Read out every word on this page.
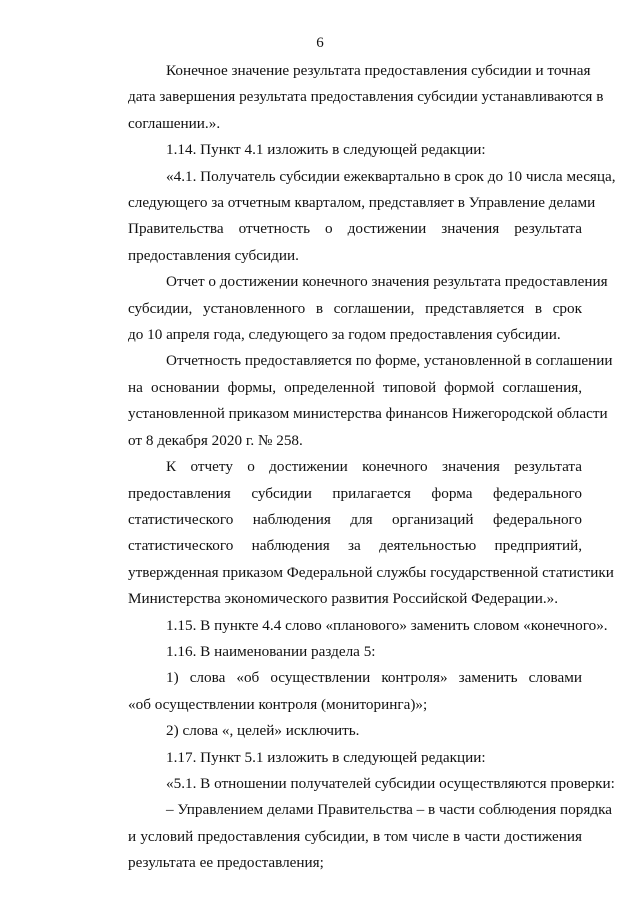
6
Конечное значение результата предоставления субсидии и точная
дата завершения результата предоставления субсидии устанавливаются в
соглашении.».
1.14. Пункт 4.1 изложить в следующей редакции:
«4.1. Получатель субсидии ежеквартально в срок до 10 числа месяца,
следующего за отчетным кварталом, представляет в Управление делами
Правительства отчетность о достижении значения результата
предоставления субсидии.
Отчет о достижении конечного значения результата предоставления
субсидии, установленного в соглашении, представляется в срок
до 10 апреля года, следующего за годом предоставления субсидии.
Отчетность предоставляется по форме, установленной в соглашении
на основании формы, определенной типовой формой соглашения,
установленной приказом министерства финансов Нижегородской области
от 8 декабря 2020 г. № 258.
К отчету о достижении конечного значения результата
предоставления субсидии прилагается форма федерального
статистического наблюдения для организаций федерального
статистического наблюдения за деятельностью предприятий,
утвержденная приказом Федеральной службы государственной статистики
Министерства экономического развития Российской Федерации.».
1.15. В пункте 4.4 слово «планового» заменить словом «конечного».
1.16. В наименовании раздела 5:
1) слова «об осуществлении контроля» заменить словами
«об осуществлении контроля (мониторинга)»;
2) слова «, целей» исключить.
1.17. Пункт 5.1 изложить в следующей редакции:
«5.1. В отношении получателей субсидии осуществляются проверки:
– Управлением делами Правительства – в части соблюдения порядка
и условий предоставления субсидии, в том числе в части достижения
результата ее предоставления;
